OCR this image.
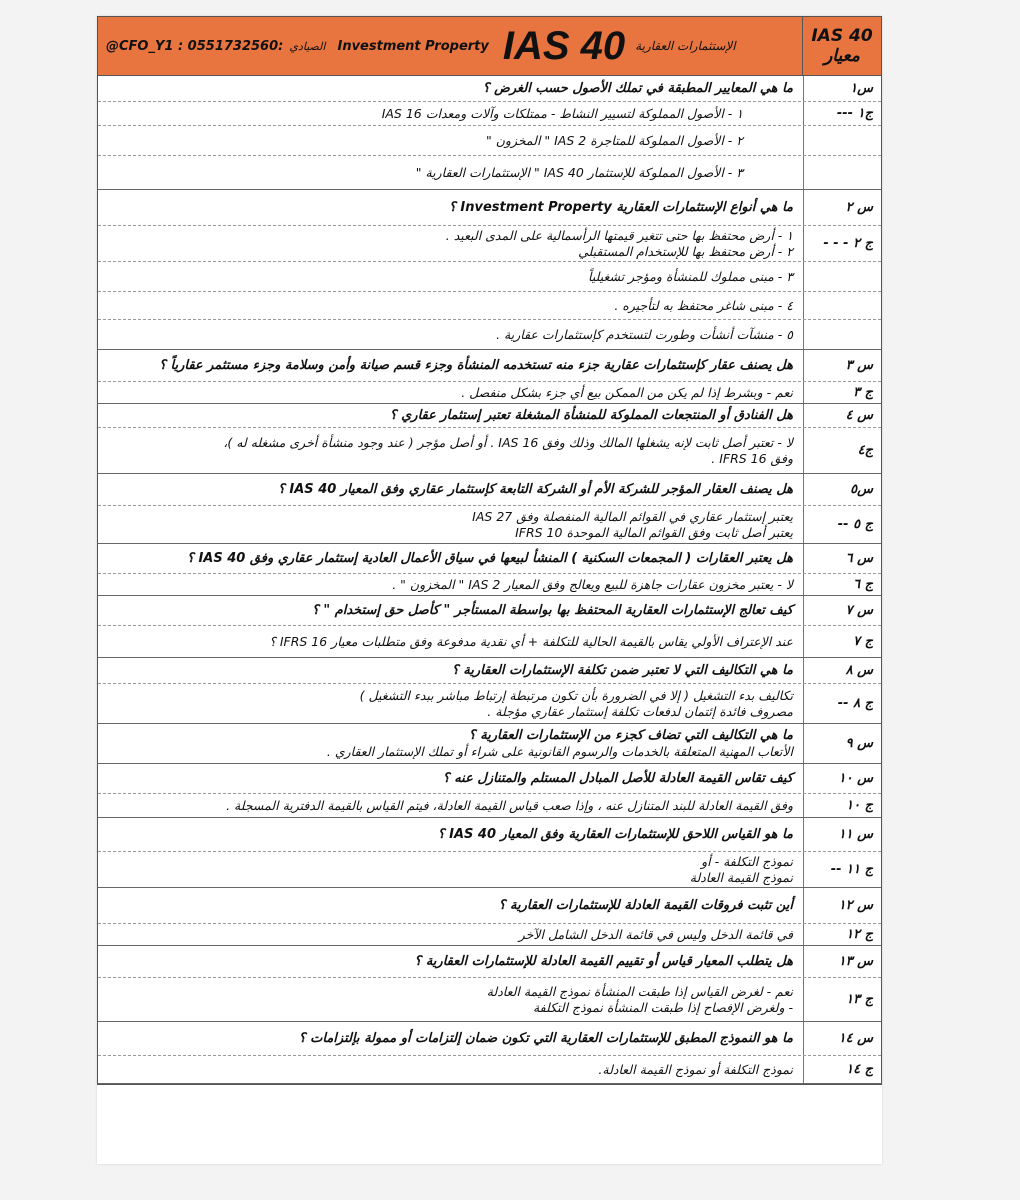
@CFO_Y1 : 0551732560: الصيادي Investment Property IAS 40 الإستثمارات العقارية	IAS 40
معيار
ما هي المعايير المطبقة في تملك الأصول حسب الغرض ؟	س١
١ - الأصول المملوكة لتسيير النشاط - ممتلكات وآلات ومعدات IAS 16	ج١ ---
٢ - الأصول المملوكة للمتاجرة IAS 2 " المخزون "
٣ - الأصول المملوكة للإستثمار IAS 40 " الإستثمارات العقارية "
ما هي أنواع الإستثمارات العقارية Investment Property ؟	س ٢
١ - أرض محتفظ بها حتى تتغير قيمتها الرأسمالية على المدى البعيد .
٢ - أرض محتفظ بها للإستخدام المستقبلي	ج ٢ - - -
٣ - مبنى مملوك للمنشأة ومؤجر تشغيلياً
٤ - مبنى شاغر محتفظ به لتأجيره .
٥ - منشآت أنشأت وطورت لتستخدم كإستثمارات عقارية .
هل يصنف عقار كإستثمارات عقارية جزء منه تستخدمه المنشأة وجزء قسم صيانة وأمن وسلامة وجزء مستثمر عقارياً ؟	س ٣
نعم - وبشرط إذا لم يكن من الممكن بيع أي جزء بشكل منفصل .	ج ٣
هل الفنادق أو المنتجعات المملوكة للمنشأة المشغلة تعتبر إستثمار عقاري ؟	س ٤
لا - تعتبر أصل ثابت لإنه يشغلها المالك وذلك وفق IAS 16 . أو أصل مؤجر ( عند وجود منشأة أخرى مشغله له )،
وفق IFRS 16 .	ج٤
هل يصنف العقار المؤجر للشركة الأم أو الشركة التابعة كإستثمار عقاري وفق المعيار IAS 40 ؟	س٥
يعتبر إستثمار عقاري في القوائم المالية المنفصلة وفق IAS 27
يعتبر أصل ثابت وفق القوائم المالية الموحدة IFRS 10	ج ٥ --
هل يعتبر العقارات ( المجمعات السكنية ) المنشأ لبيعها في سياق الأعمال العادية إستثمار عقاري وفق IAS 40 ؟	س ٦
لا - يعتبر مخزون عقارات جاهزة للبيع ويعالج وفق المعيار IAS 2 " المخزون " .	ج ٦
كيف تعالج الإستثمارات العقارية المحتفظ بها بواسطة المستأجر " كأصل حق إستخدام " ؟	س ٧
عند الإعتراف الأولي يقاس بالقيمة الحالية للتكلفة + أي نقدية مدفوعة وفق متطلبات معيار IFRS 16 ؟	ج ٧
ما هي التكاليف التي لا تعتبر ضمن تكلفة الإستثمارات العقارية ؟	س ٨
تكاليف بدء التشغيل ( إلا في الضرورة بأن تكون مرتبطة إرتباط مباشر ببدء التشغيل )
مصروف فائدة إئتمان لدفعات تكلفة إستثمار عقاري مؤجلة .	ج ٨ --
ما هي التكاليف التي تضاف كجزء من الإستثمارات العقارية ؟
الأتعاب المهنية المتعلقة بالخدمات والرسوم القانونية على شراء أو تملك الإستثمار العقاري .	س ٩
كيف تقاس القيمة العادلة للأصل المبادل المستلم والمتنازل عنه ؟	س ١٠
وفق القيمة العادلة للبند المتنازل عنه ، وإذا صعب قياس القيمة العادلة، فيتم القياس بالقيمة الدفترية المسجلة .	ج ١٠
ما هو القياس اللاحق للإستثمارات العقارية وفق المعيار IAS 40 ؟	س ١١
نموذج التكلفة - أو
نموذج القيمة العادلة	ج ١١ --
أين تثبت فروقات القيمة العادلة للإستثمارات العقارية ؟	س ١٢
في قائمة الدخل وليس في قائمة الدخل الشامل الآخر	ج ١٢
هل يتطلب المعيار قياس أو تقييم القيمة العادلة للإستثمارات العقارية ؟	س ١٣
نعم - لغرض القياس إذا طبقت المنشأة نموذج القيمة العادلة
- ولغرض الإفصاح إذا طبقت المنشأة نموذج التكلفة	ج ١٣
ما هو النموذج المطبق للإستثمارات العقارية التي تكون ضمان إلتزامات أو ممولة بإلتزامات ؟	س ١٤
نموذج التكلفة أو نموذج القيمة العادلة.	ج ١٤
